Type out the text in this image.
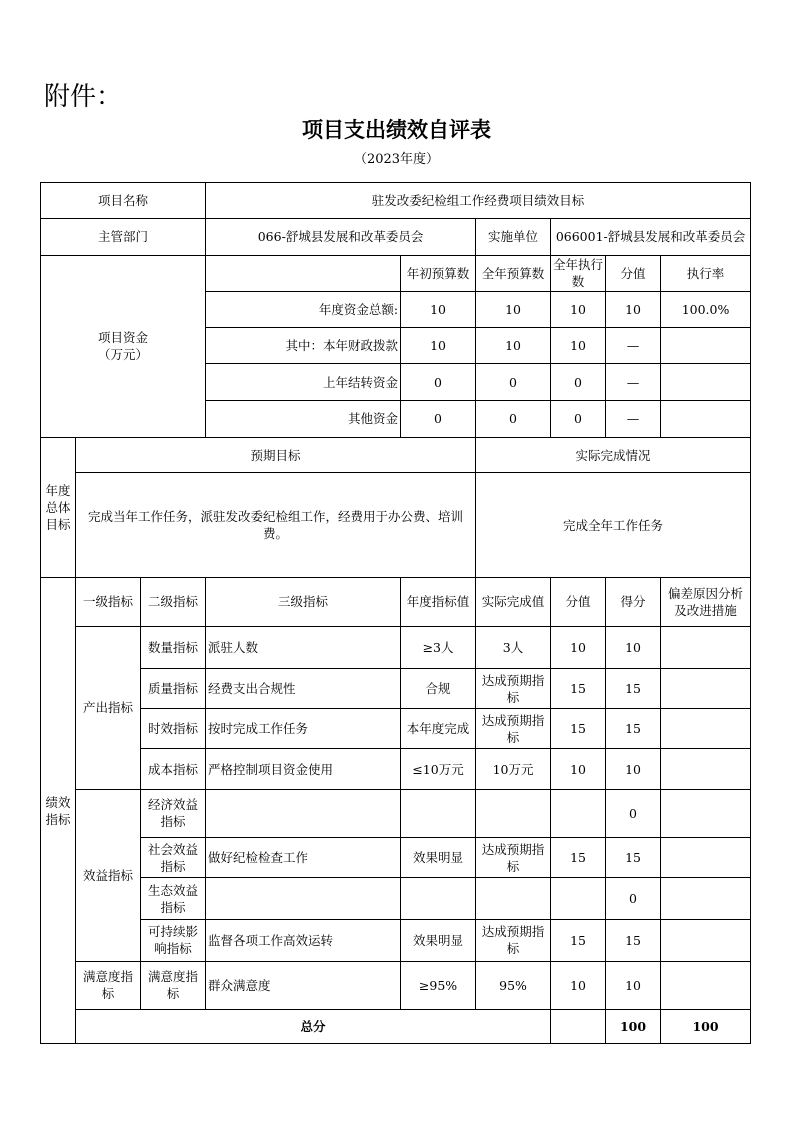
附件：
项目支出绩效自评表
（2023年度）
项目名称			驻发改委纪检组工作经费项目绩效目标						
主管部门			066-舒城县发展和改革委员会		实施单位	066001-舒城县发展和改革委员会			

项目资金
（万元）				年初预算数	全年预算数	全年执行数	分值	执行率	
			年度资金总额:	10	10	10	10	100.0%	
			其中：本年财政拨款	10	10	10	—		
			上年结转资金	0	0	0	—		
			其他资金	0	0	0	—		
年度总体目标	预期目标				实际完成情况				
	完成当年工作任务，派驻发改委纪检组工作，经费用于办公费、培训费。				完成全年工作任务				
绩效指标	一级指标	二级指标	三级指标	年度指标值	实际完成值	分值	得分	偏差原因分析及改进措施	
	产出指标	数量指标	派驻人数	≥3人	3人	10	10		
		质量指标	经费支出合规性	合规	达成预期指标	15	15		
		时效指标	按时完成工作任务	本年度完成	达成预期指标	15	15		
		成本指标	严格控制项目资金使用	≤10万元	10万元	10	10		
	效益指标	经济效益指标					0		
		社会效益指标	做好纪检检查工作	效果明显	达成预期指标	15	15		
		生态效益指标					0		
		可持续影响指标	监督各项工作高效运转	效果明显	达成预期指标	15	15		
	满意度指标	满意度指标	群众满意度	≥95%	95%	10	10		
	总分						100	100	
